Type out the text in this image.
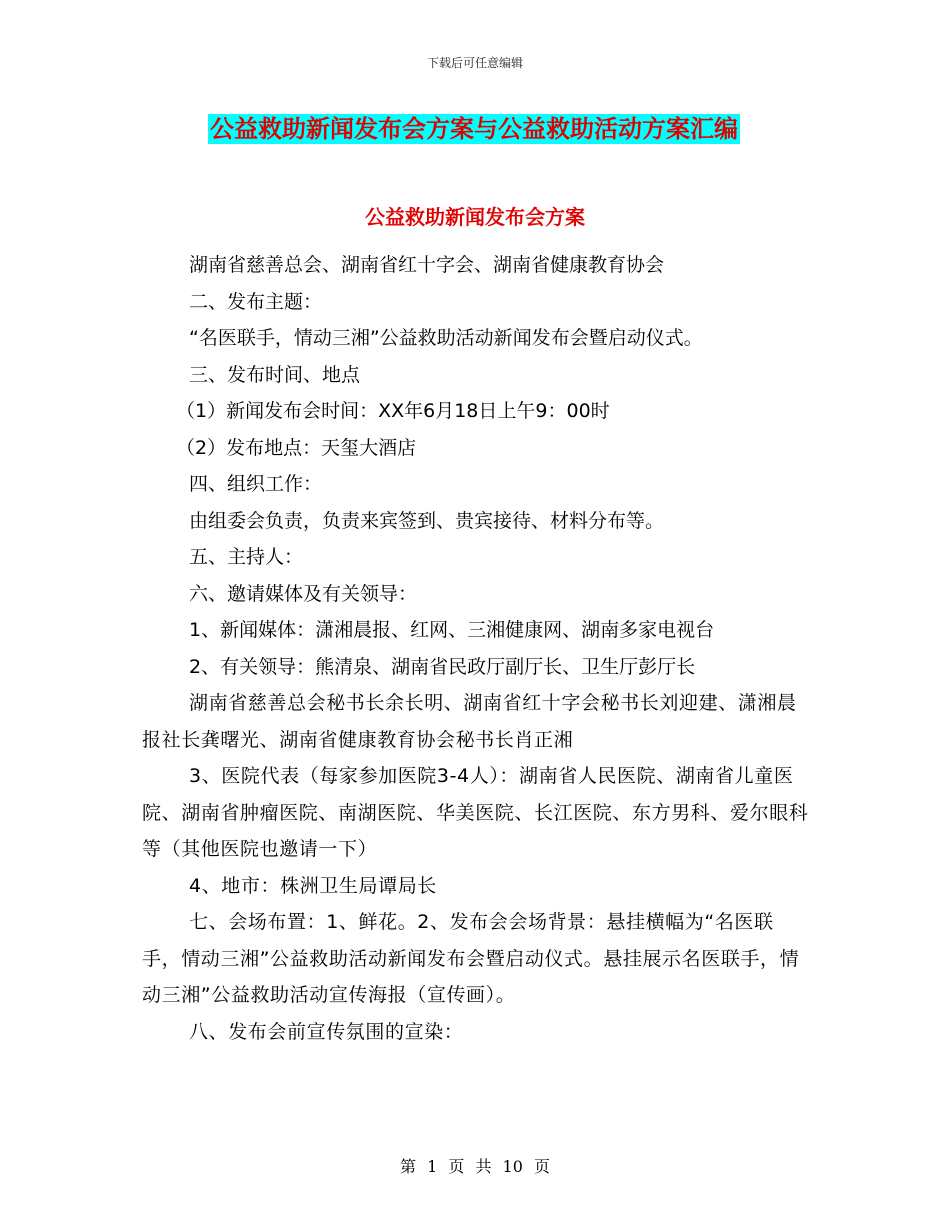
下载后可任意编辑
公益救助新闻发布会方案与公益救助活动方案汇编
公益救助新闻发布会方案

湖南省慈善总会、湖南省红十字会、湖南省健康教育协会

二、发布主题：

“名医联手，情动三湘”公益救助活动新闻发布会暨启动仪式。

三、发布时间、地点

（1）新闻发布会时间：XX年6月18日上午9：00时

（2）发布地点：天玺大酒店

四、组织工作：

由组委会负责，负责来宾签到、贵宾接待、材料分布等。

五、主持人：

六、邀请媒体及有关领导：

1、新闻媒体：潇湘晨报、红网、三湘健康网、湖南多家电视台

2、有关领导：熊清泉、湖南省民政厅副厅长、卫生厅彭厅长

湖南省慈善总会秘书长余长明、湖南省红十字会秘书长刘迎建、潇湘晨报社长龚曙光、湖南省健康教育协会秘书长肖正湘

3、医院代表（每家参加医院3-4人）：湖南省人民医院、湖南省儿童医院、湖南省肿瘤医院、南湖医院、华美医院、长江医院、东方男科、爱尔眼科等（其他医院也邀请一下）

4、地市：株洲卫生局谭局长

七、会场布置：1、鲜花。2、发布会会场背景：悬挂横幅为“名医联手，情动三湘”公益救助活动新闻发布会暨启动仪式。悬挂展示名医联手，情动三湘”公益救助活动宣传海报（宣传画）。

八、发布会前宣传氛围的宣染：

第 1 页 共 10 页
